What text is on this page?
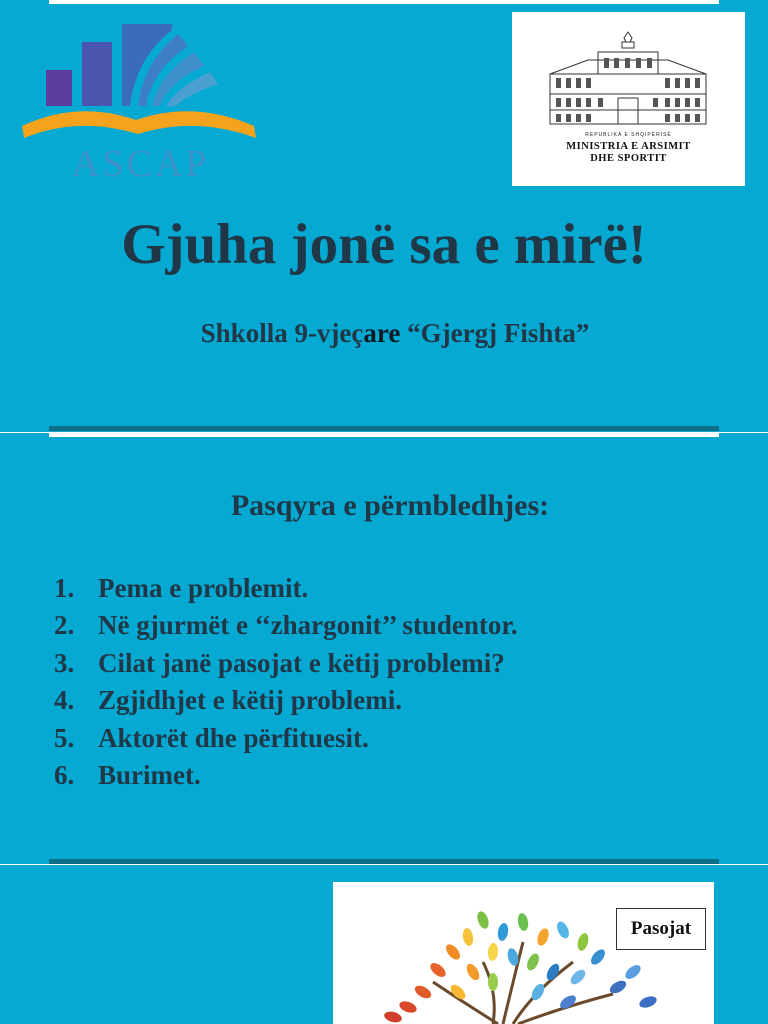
ASCAP
REPUBLIKA E SHQIPËRISË
MINISTRIA E ARSIMIT
DHE SPORTIT
Gjuha jonë sa e mirë!
Shkolla 9-vjeçare “Gjergj Fishta”
Pasqyra e përmbledhjes:
1. Pema e problemit.
2. Në gjurmët e ‘‘zhargonit’’ studentor.
3. Cilat janë pasojat e këtij problemi?
4. Zgjidhjet e këtij problemi.
5. Aktorët dhe përfituesit.
6. Burimet.
Pasojat
